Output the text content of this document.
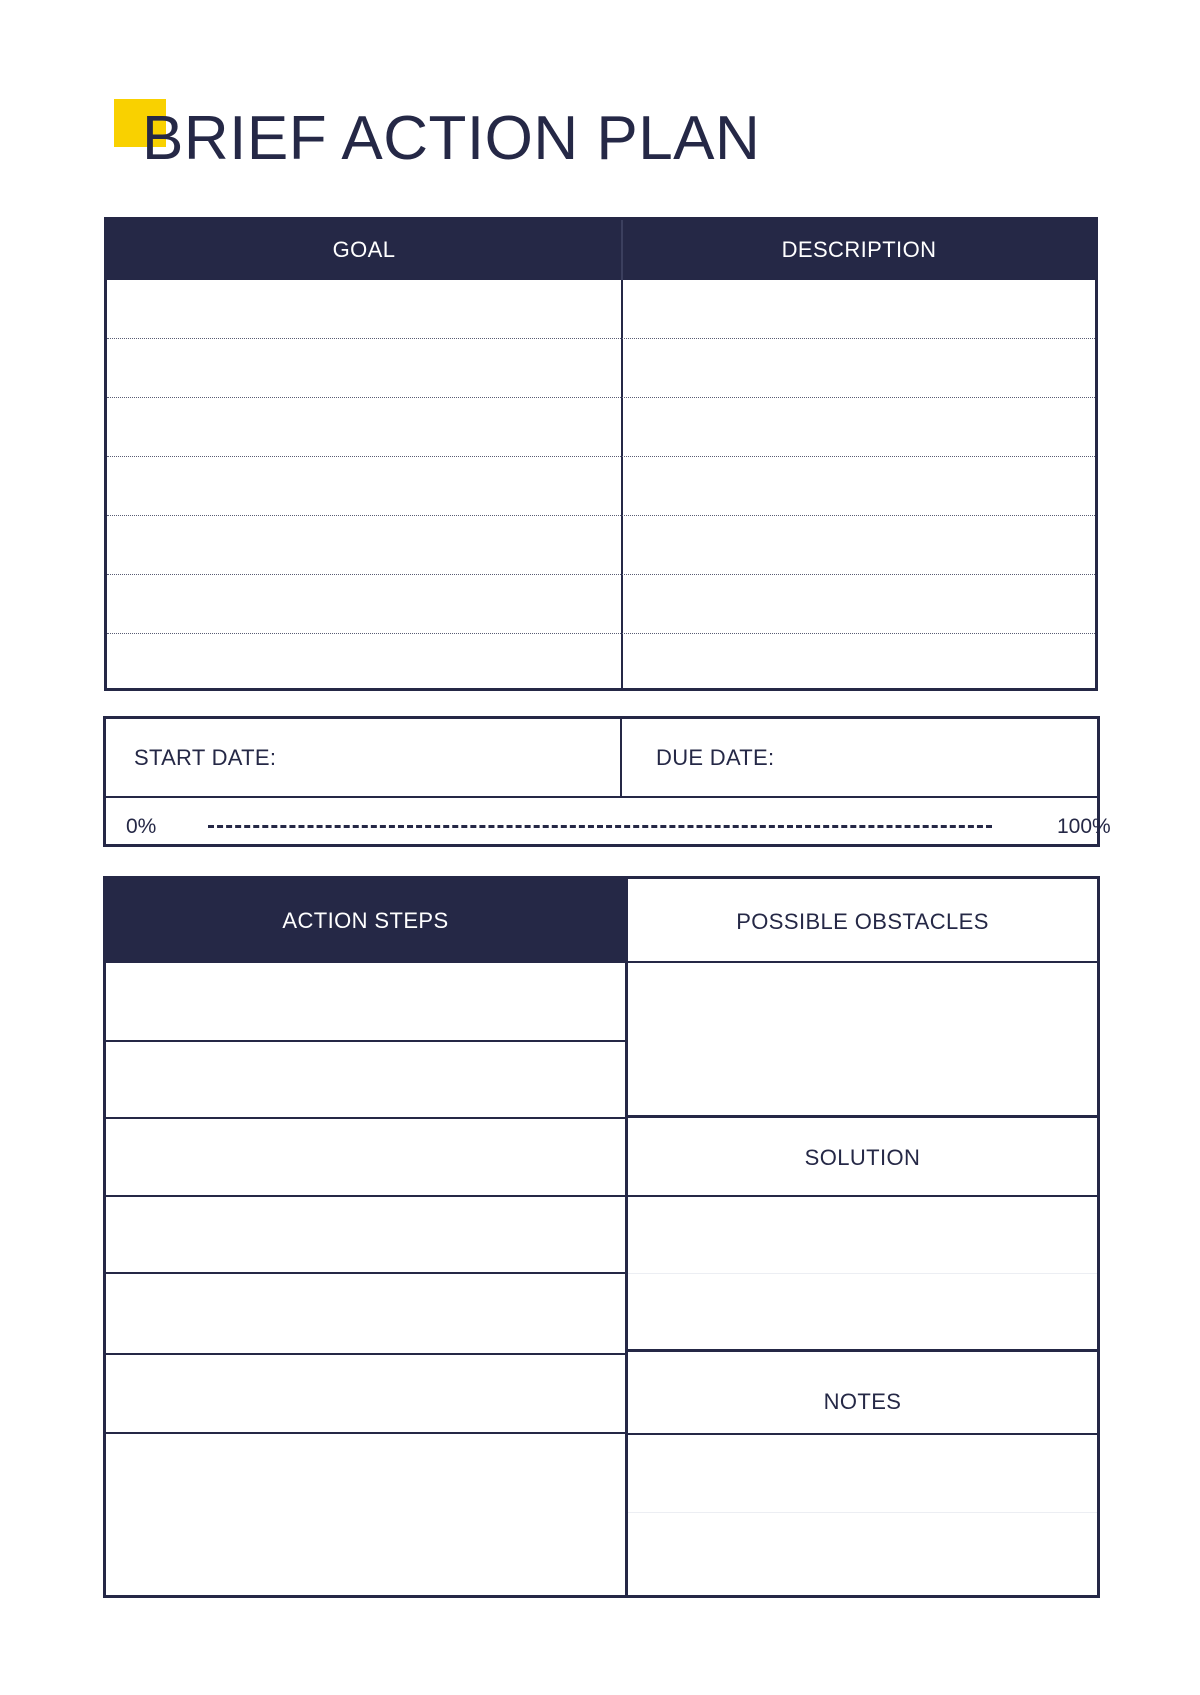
BRIEF ACTION PLAN
GOAL	DESCRIPTION
START DATE:	DUE DATE:
0%	100%
ACTION STEPS	POSSIBLE OBSTACLES
SOLUTION
NOTES
